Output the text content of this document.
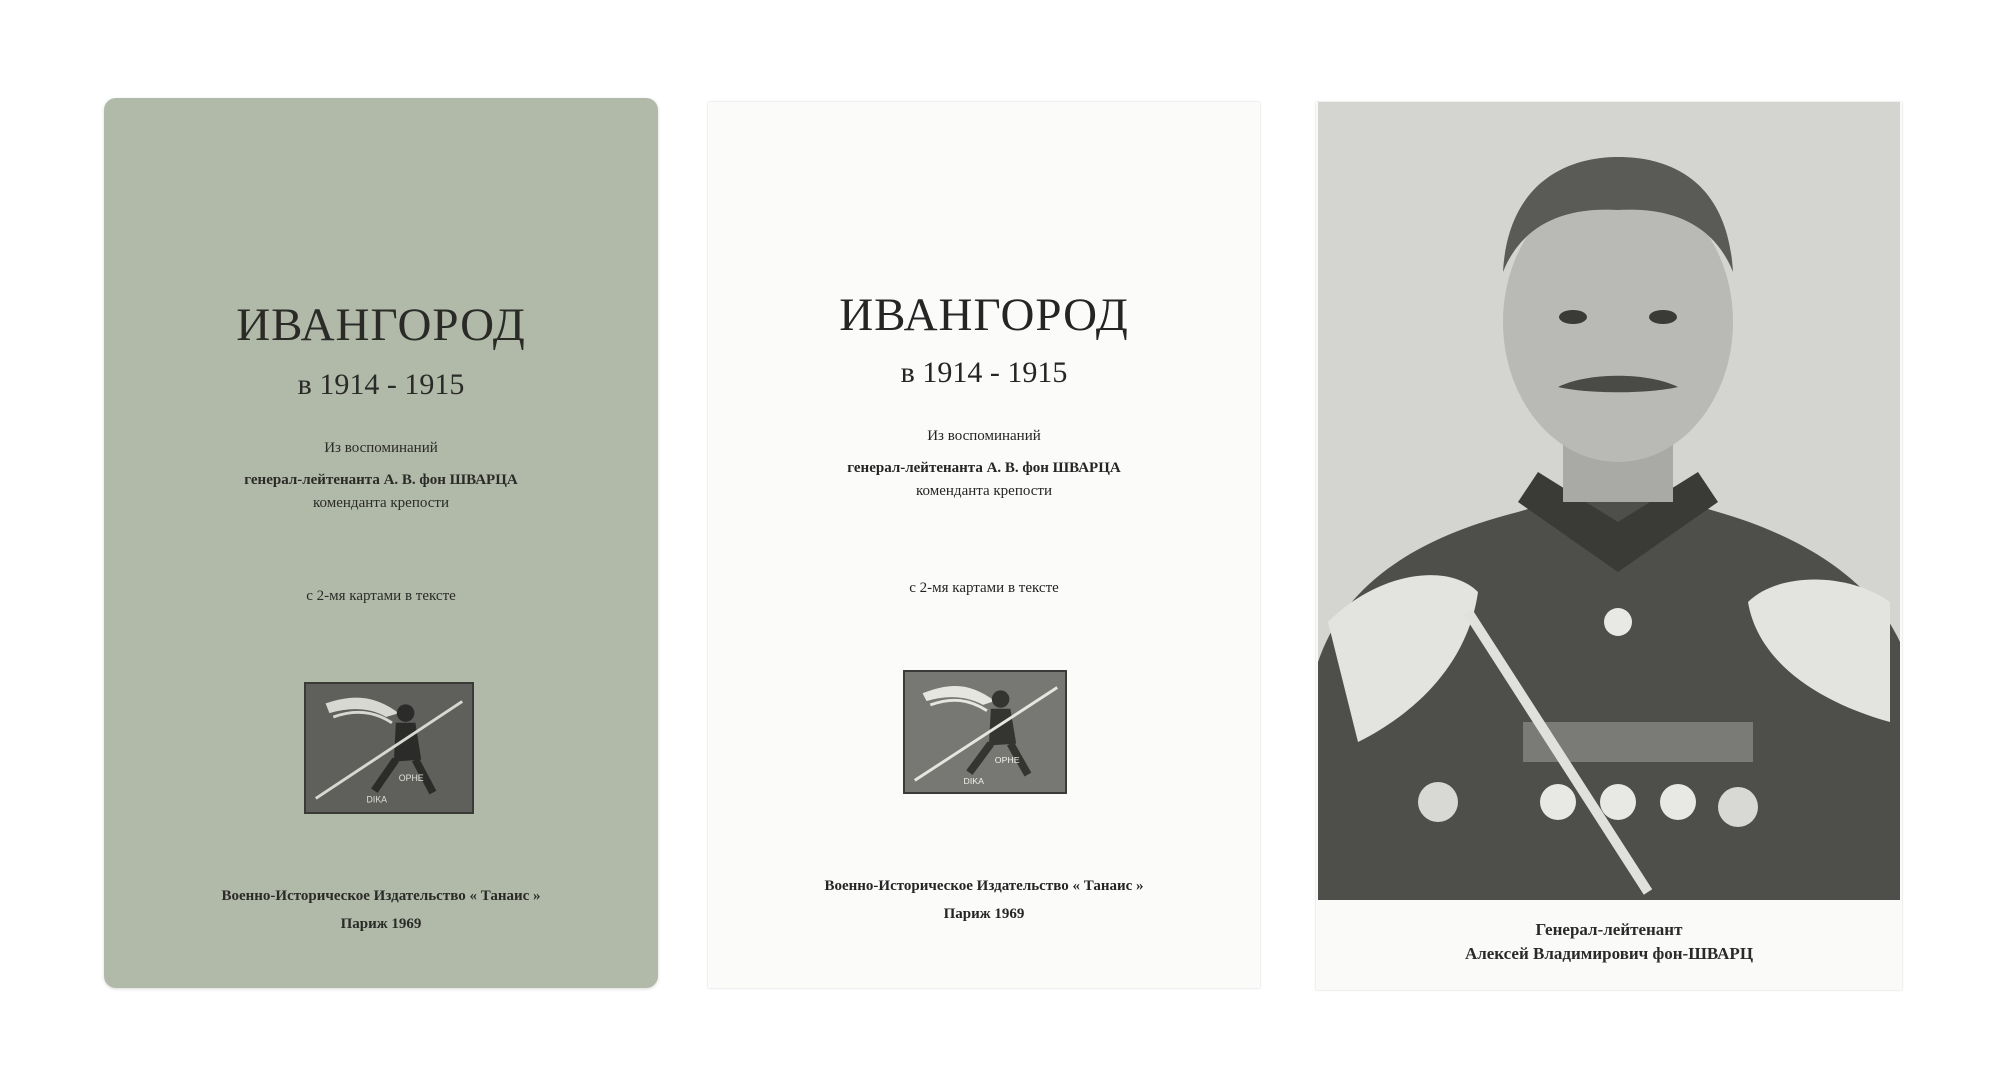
ИВАНГОРОД
в 1914 - 1915
Из воспоминаний
генерал-лейтенанта А. В. фон ШВАРЦА
коменданта крепости
с 2-мя картами в тексте
OPHE
DIKA
Военно-Историческое Издательство « Танаис »
Париж 1969
ИВАНГОРОД
в 1914 - 1915
Из воспоминаний
генерал-лейтенанта А. В. фон ШВАРЦА
коменданта крепости
с 2-мя картами в тексте
OPHE
DIKA
Военно-Историческое Издательство « Танаис »
Париж 1969
Генерал-лейтенант
Алексей Владимирович фон-ШВАРЦ
